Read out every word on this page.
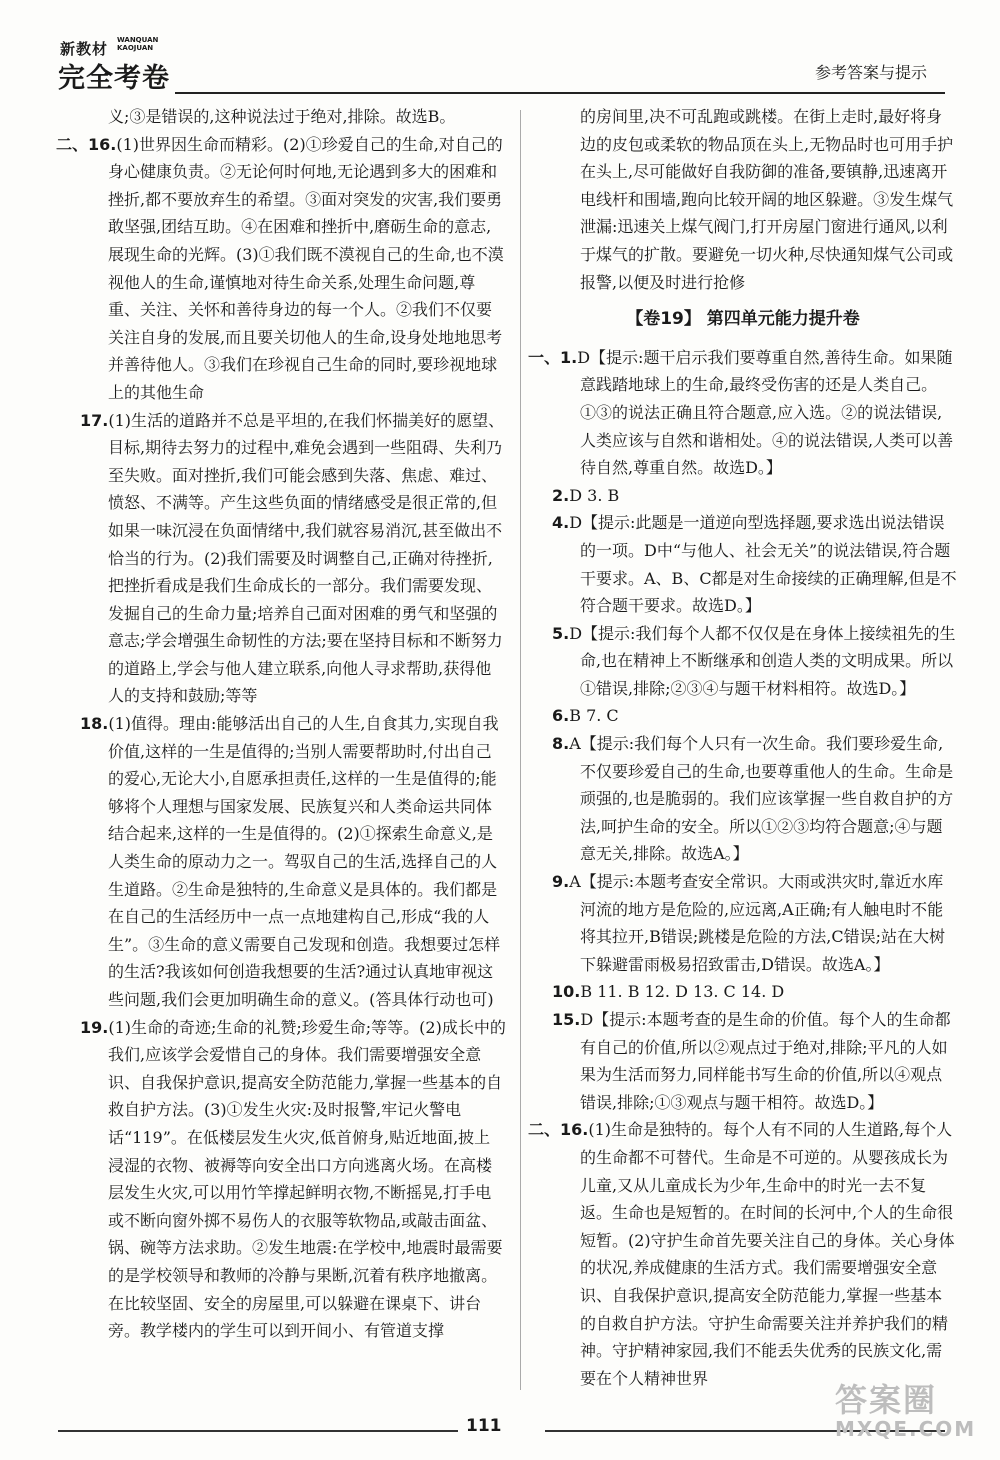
新教材 WANQUAN
KAOJUAN
完全考卷	参考答案与提示

义;③是错误的,这种说法过于绝对,排除。故选B。

二、16.(1)世界因生命而精彩。(2)①珍爱自己的生命,对自己的身心健康负责。②无论何时何地,无论遇到多大的困难和挫折,都不要放弃生的希望。③面对突发的灾害,我们要勇敢坚强,团结互助。④在困难和挫折中,磨砺生命的意志,展现生命的光辉。(3)①我们既不漠视自己的生命,也不漠视他人的生命,谨慎地对待生命关系,处理生命问题,尊重、关注、关怀和善待身边的每一个人。②我们不仅要关注自身的发展,而且要关切他人的生命,设身处地地思考并善待他人。③我们在珍视自己生命的同时,要珍视地球上的其他生命

17.(1)生活的道路并不总是平坦的,在我们怀揣美好的愿望、目标,期待去努力的过程中,难免会遇到一些阻碍、失利乃至失败。面对挫折,我们可能会感到失落、焦虑、难过、愤怒、不满等。产生这些负面的情绪感受是很正常的,但如果一味沉浸在负面情绪中,我们就容易消沉,甚至做出不恰当的行为。(2)我们需要及时调整自己,正确对待挫折,把挫折看成是我们生命成长的一部分。我们需要发现、发掘自己的生命力量;培养自己面对困难的勇气和坚强的意志;学会增强生命韧性的方法;要在坚持目标和不断努力的道路上,学会与他人建立联系,向他人寻求帮助,获得他人的支持和鼓励;等等

18.(1)值得。理由:能够活出自己的人生,自食其力,实现自我价值,这样的一生是值得的;当别人需要帮助时,付出自己的爱心,无论大小,自愿承担责任,这样的一生是值得的;能够将个人理想与国家发展、民族复兴和人类命运共同体结合起来,这样的一生是值得的。(2)①探索生命意义,是人类生命的原动力之一。驾驭自己的生活,选择自己的人生道路。②生命是独特的,生命意义是具体的。我们都是在自己的生活经历中一点一点地建构自己,形成“我的人生”。③生命的意义需要自己发现和创造。我想要过怎样的生活?我该如何创造我想要的生活?通过认真地审视这些问题,我们会更加明确生命的意义。(答具体行动也可)

19.(1)生命的奇迹;生命的礼赞;珍爱生命;等等。(2)成长中的我们,应该学会爱惜自己的身体。我们需要增强安全意识、自我保护意识,提高安全防范能力,掌握一些基本的自救自护方法。(3)①发生火灾:及时报警,牢记火警电话“119”。在低楼层发生火灾,低首俯身,贴近地面,披上浸湿的衣物、被褥等向安全出口方向逃离火场。在高楼层发生火灾,可以用竹竿撑起鲜明衣物,不断摇晃,打手电或不断向窗外掷不易伤人的衣服等软物品,或敲击面盆、锅、碗等方法求助。②发生地震:在学校中,地震时最需要的是学校领导和教师的冷静与果断,沉着有秩序地撤离。在比较坚固、安全的房屋里,可以躲避在课桌下、讲台旁。教学楼内的学生可以到开间小、有管道支撑

的房间里,决不可乱跑或跳楼。在街上走时,最好将身边的皮包或柔软的物品顶在头上,无物品时也可用手护在头上,尽可能做好自我防御的准备,要镇静,迅速离开电线杆和围墙,跑向比较开阔的地区躲避。③发生煤气泄漏:迅速关上煤气阀门,打开房屋门窗进行通风,以利于煤气的扩散。要避免一切火种,尽快通知煤气公司或报警,以便及时进行抢修

【卷19】 第四单元能力提升卷

一、1.D【提示:题干启示我们要尊重自然,善待生命。如果随意践踏地球上的生命,最终受伤害的还是人类自己。①③的说法正确且符合题意,应入选。②的说法错误,人类应该与自然和谐相处。④的说法错误,人类可以善待自然,尊重自然。故选D。】

2.D 3. B

4.D【提示:此题是一道逆向型选择题,要求选出说法错误的一项。D中“与他人、社会无关”的说法错误,符合题干要求。A、B、C都是对生命接续的正确理解,但是不符合题干要求。故选D。】

5.D【提示:我们每个人都不仅仅是在身体上接续祖先的生命,也在精神上不断继承和创造人类的文明成果。所以①错误,排除;②③④与题干材料相符。故选D。】

6.B 7. C

8.A【提示:我们每个人只有一次生命。我们要珍爱生命,不仅要珍爱自己的生命,也要尊重他人的生命。生命是顽强的,也是脆弱的。我们应该掌握一些自救自护的方法,呵护生命的安全。所以①②③均符合题意;④与题意无关,排除。故选A。】

9.A【提示:本题考查安全常识。大雨或洪灾时,靠近水库河流的地方是危险的,应远离,A正确;有人触电时不能将其拉开,B错误;跳楼是危险的方法,C错误;站在大树下躲避雷雨极易招致雷击,D错误。故选A。】

10.B 11. B 12. D 13. C 14. D

15.D【提示:本题考查的是生命的价值。每个人的生命都有自己的价值,所以②观点过于绝对,排除;平凡的人如果为生活而努力,同样能书写生命的价值,所以④观点错误,排除;①③观点与题干相符。故选D。】

二、16.(1)生命是独特的。每个人有不同的人生道路,每个人的生命都不可替代。生命是不可逆的。从婴孩成长为儿童,又从儿童成长为少年,生命中的时光一去不复返。生命也是短暂的。在时间的长河中,个人的生命很短暂。(2)守护生命首先要关注自己的身体。关心身体的状况,养成健康的生活方式。我们需要增强安全意识、自我保护意识,提高安全防范能力,掌握一些基本的自救自护方法。守护生命需要关注并养护我们的精神。守护精神家园,我们不能丢失优秀的民族文化,需要在个人精神世界

111
答案圈
MXQE.COM
